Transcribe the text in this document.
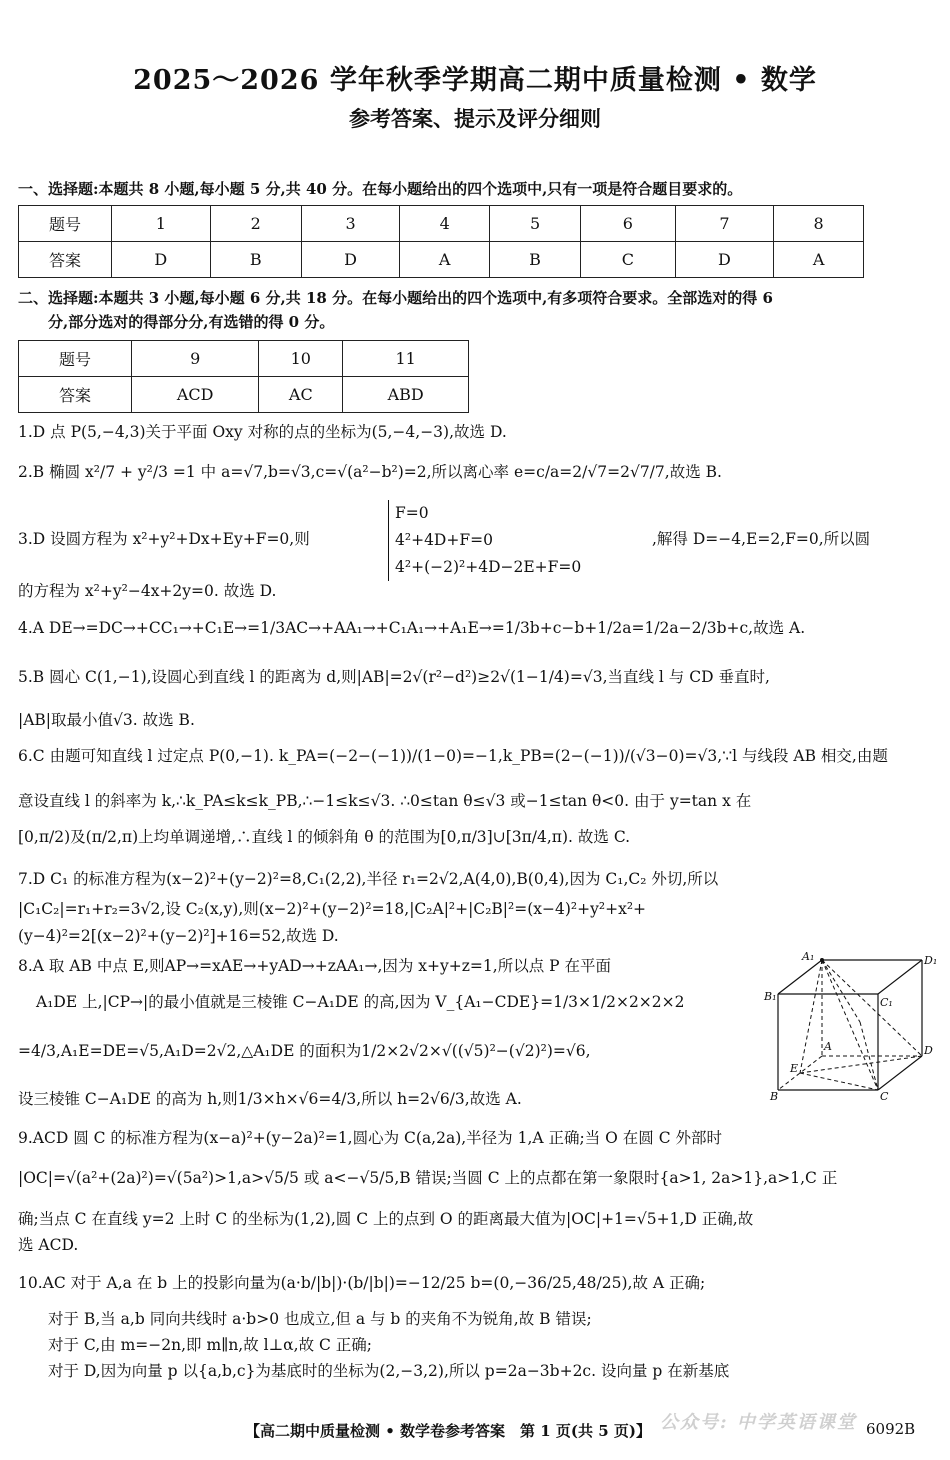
2025～2026 学年秋季学期高二期中质量检测 • 数学
参考答案、提示及评分细则
一、选择题:本题共 8 小题,每小题 5 分,共 40 分。在每小题给出的四个选项中,只有一项是符合题目要求的。
题号	1	2	3	4	5	6	7	8
答案	D	B	D	A	B	C	D	A
二、选择题:本题共 3 小题,每小题 6 分,共 18 分。在每小题给出的四个选项中,有多项符合要求。全部选对的得 6
分,部分选对的得部分分,有选错的得 0 分。
题号	9	10	11
答案	ACD	AC	ABD
1.D 点 P(5,−4,3)关于平面 Oxy 对称的点的坐标为(5,−4,−3),故选 D.
2.B 椭圆 x²/7 + y²/3 =1 中 a=√7,b=√3,c=√(a²−b²)=2,所以离心率 e=c/a=2/√7=2√7/7,故选 B.
3.D 设圆方程为 x²+y²+Dx+Ey+F=0,则
F=0
4²+4D+F=0
4²+(−2)²+4D−2E+F=0
,解得 D=−4,E=2,F=0,所以圆
的方程为 x²+y²−4x+2y=0. 故选 D.
4.A DE→=DC→+CC₁→+C₁E→=1/3AC→+AA₁→+C₁A₁→+A₁E→=1/3b+c−b+1/2a=1/2a−2/3b+c,故选 A.
5.B 圆心 C(1,−1),设圆心到直线 l 的距离为 d,则|AB|=2√(r²−d²)≥2√(1−1/4)=√3,当直线 l 与 CD 垂直时,
|AB|取最小值√3. 故选 B.
6.C 由题可知直线 l 过定点 P(0,−1). k_PA=(−2−(−1))/(1−0)=−1,k_PB=(2−(−1))/(√3−0)=√3,∵l 与线段 AB 相交,由题
意设直线 l 的斜率为 k,∴k_PA≤k≤k_PB,∴−1≤k≤√3. ∴0≤tan θ≤√3 或−1≤tan θ<0. 由于 y=tan x 在
[0,π/2)及(π/2,π)上均单调递增,∴直线 l 的倾斜角 θ 的范围为[0,π/3]∪[3π/4,π). 故选 C.
7.D C₁ 的标准方程为(x−2)²+(y−2)²=8,C₁(2,2),半径 r₁=2√2,A(4,0),B(0,4),因为 C₁,C₂ 外切,所以
|C₁C₂|=r₁+r₂=3√2,设 C₂(x,y),则(x−2)²+(y−2)²=18,|C₂A|²+|C₂B|²=(x−4)²+y²+x²+
(y−4)²=2[(x−2)²+(y−2)²]+16=52,故选 D.
8.A 取 AB 中点 E,则AP→=xAE→+yAD→+zAA₁→,因为 x+y+z=1,所以点 P 在平面
A₁DE 上,|CP→|的最小值就是三棱锥 C−A₁DE 的高,因为 V_{A₁−CDE}=1/3×1/2×2×2×2
=4/3,A₁E=DE=√5,A₁D=2√2,△A₁DE 的面积为1/2×2√2×√((√5)²−(√2)²)=√6,
设三棱锥 C−A₁DE 的高为 h,则1/3×h×√6=4/3,所以 h=2√6/3,故选 A.
A₁	D₁
B₁	C₁
A	D
E
B	C
9.ACD 圆 C 的标准方程为(x−a)²+(y−2a)²=1,圆心为 C(a,2a),半径为 1,A 正确;当 O 在圆 C 外部时
|OC|=√(a²+(2a)²)=√(5a²)>1,a>√5/5 或 a<−√5/5,B 错误;当圆 C 上的点都在第一象限时{a>1, 2a>1},a>1,C 正
确;当点 C 在直线 y=2 上时 C 的坐标为(1,2),圆 C 上的点到 O 的距离最大值为|OC|+1=√5+1,D 正确,故
选 ACD.
10.AC 对于 A,a 在 b 上的投影向量为(a·b/|b|)·(b/|b|)=−12/25 b=(0,−36/25,48/25),故 A 正确;
对于 B,当 a,b 同向共线时 a·b>0 也成立,但 a 与 b 的夹角不为锐角,故 B 错误;
对于 C,由 m=−2n,即 m∥n,故 l⊥α,故 C 正确;
对于 D,因为向量 p 以{a,b,c}为基底时的坐标为(2,−3,2),所以 p=2a−3b+2c. 设向量 p 在新基底
公众号: 中学英语课堂
【高二期中质量检测 • 数学卷参考答案　第 1 页(共 5 页)】	6092B
